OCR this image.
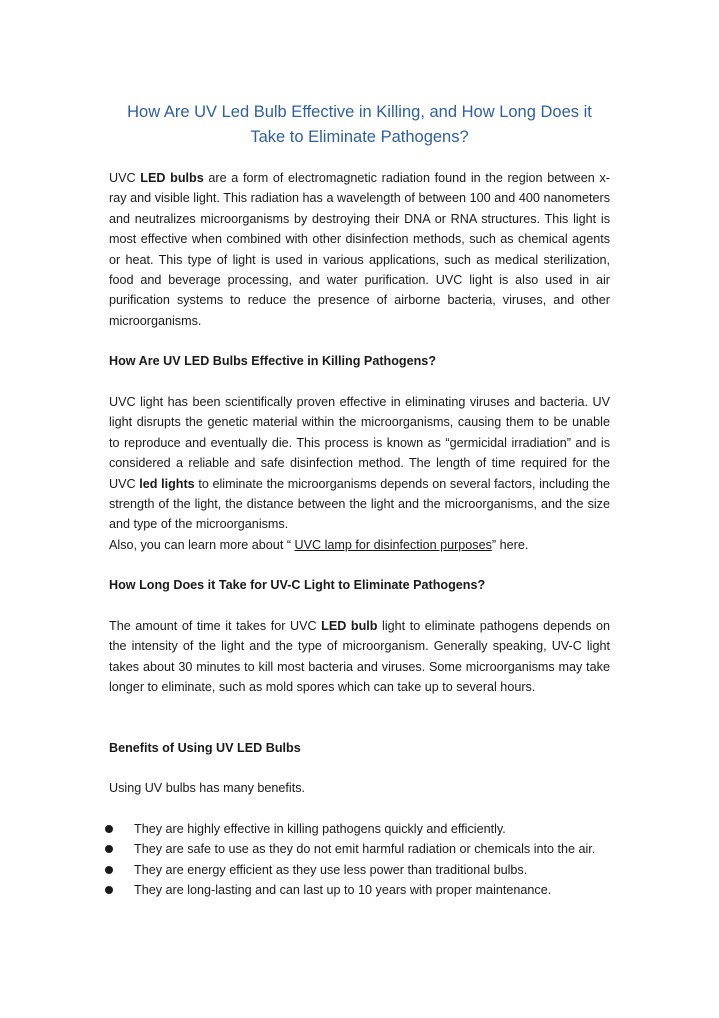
How Are UV Led Bulb Effective in Killing, and How Long Does it
Take to Eliminate Pathogens?

UVC LED bulbs are a form of electromagnetic radiation found in the region between x-ray and visible light. This radiation has a wavelength of between 100 and 400 nanometers and neutralizes microorganisms by destroying their DNA or RNA structures. This light is most effective when combined with other disinfection methods, such as chemical agents or heat. This type of light is used in various applications, such as medical sterilization, food and beverage processing, and water purification. UVC light is also used in air purification systems to reduce the presence of airborne bacteria, viruses, and other microorganisms.

How Are UV LED Bulbs Effective in Killing Pathogens?

UVC light has been scientifically proven effective in eliminating viruses and bacteria. UV light disrupts the genetic material within the microorganisms, causing them to be unable to reproduce and eventually die. This process is known as “germicidal irradiation” and is considered a reliable and safe disinfection method. The length of time required for the UVC led lights to eliminate the microorganisms depends on several factors, including the strength of the light, the distance between the light and the microorganisms, and the size and type of the microorganisms.
Also, you can learn more about “ UVC lamp for disinfection purposes” here.

How Long Does it Take for UV-C Light to Eliminate Pathogens?

The amount of time it takes for UVC LED bulb light to eliminate pathogens depends on the intensity of the light and the type of microorganism. Generally speaking, UV-C light takes about 30 minutes to kill most bacteria and viruses. Some microorganisms may take longer to eliminate, such as mold spores which can take up to several hours.

Benefits of Using UV LED Bulbs

Using UV bulbs has many benefits.

They are highly effective in killing pathogens quickly and efficiently.
They are safe to use as they do not emit harmful radiation or chemicals into the air.
They are energy efficient as they use less power than traditional bulbs.
They are long-lasting and can last up to 10 years with proper maintenance.
